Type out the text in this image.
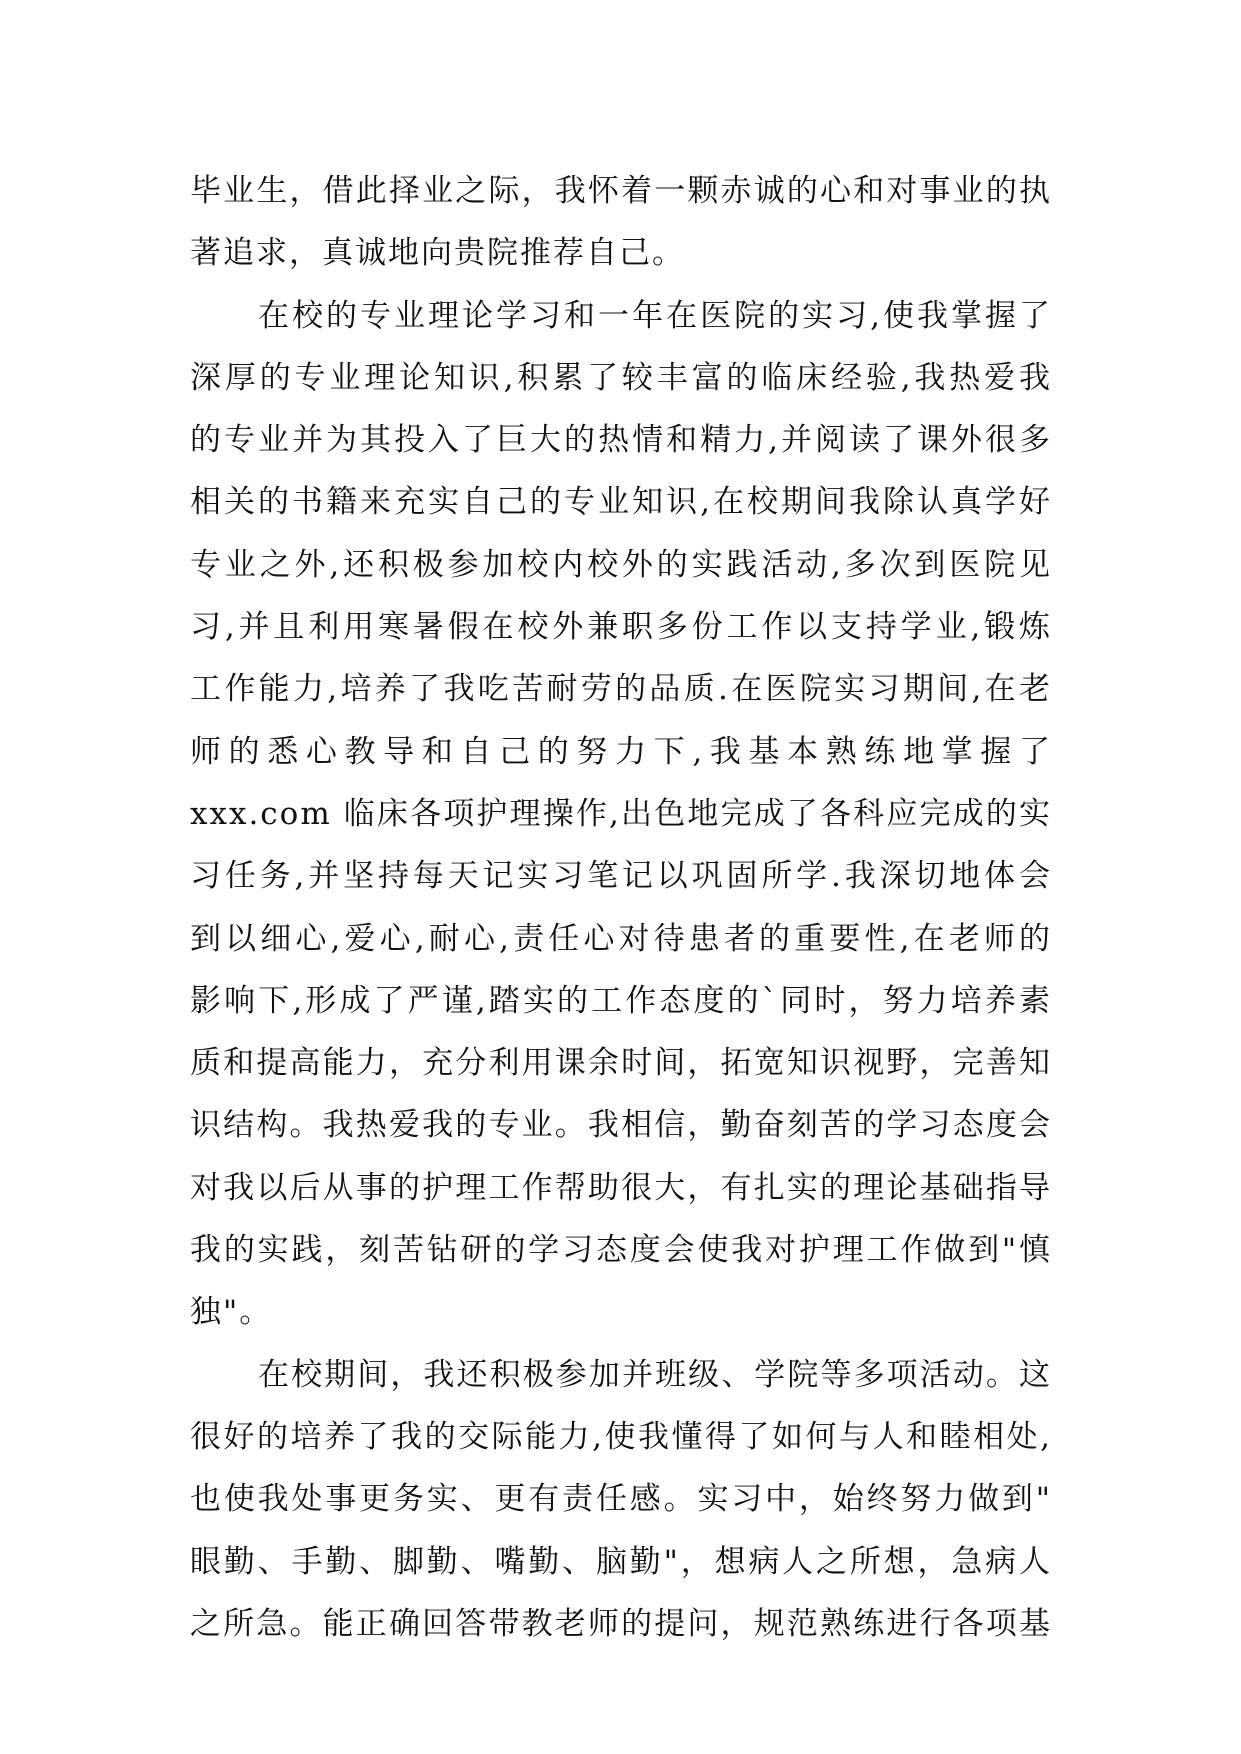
毕业生，借此择业之际，我怀着一颗赤诚的心和对事业的执
著追求，真诚地向贵院推荐自己。
在校的专业理论学习和一年在医院的实习,使我掌握了
深厚的专业理论知识,积累了较丰富的临床经验,我热爱我
的专业并为其投入了巨大的热情和精力,并阅读了课外很多
相关的书籍来充实自己的专业知识,在校期间我除认真学好
专业之外,还积极参加校内校外的实践活动,多次到医院见
习,并且利用寒暑假在校外兼职多份工作以支持学业,锻炼
工作能力,培养了我吃苦耐劳的品质.在医院实习期间,在老
师的悉心教导和自己的努力下,我基本熟练地掌握了
xxx.com 临床各项护理操作,出色地完成了各科应完成的实
习任务,并坚持每天记实习笔记以巩固所学.我深切地体会
到以细心,爱心,耐心,责任心对待患者的重要性,在老师的
影响下,形成了严谨,踏实的工作态度的`同时，努力培养素
质和提高能力，充分利用课余时间，拓宽知识视野，完善知
识结构。我热爱我的专业。我相信，勤奋刻苦的学习态度会
对我以后从事的护理工作帮助很大，有扎实的理论基础指导
我的实践，刻苦钻研的学习态度会使我对护理工作做到"慎
独"。
在校期间，我还积极参加并班级、学院等多项活动。这
很好的培养了我的交际能力,使我懂得了如何与人和睦相处,
也使我处事更务实、更有责任感。实习中，始终努力做到"
眼勤、手勤、脚勤、嘴勤、脑勤"，想病人之所想，急病人
之所急。能正确回答带教老师的提问，规范熟练进行各项基
